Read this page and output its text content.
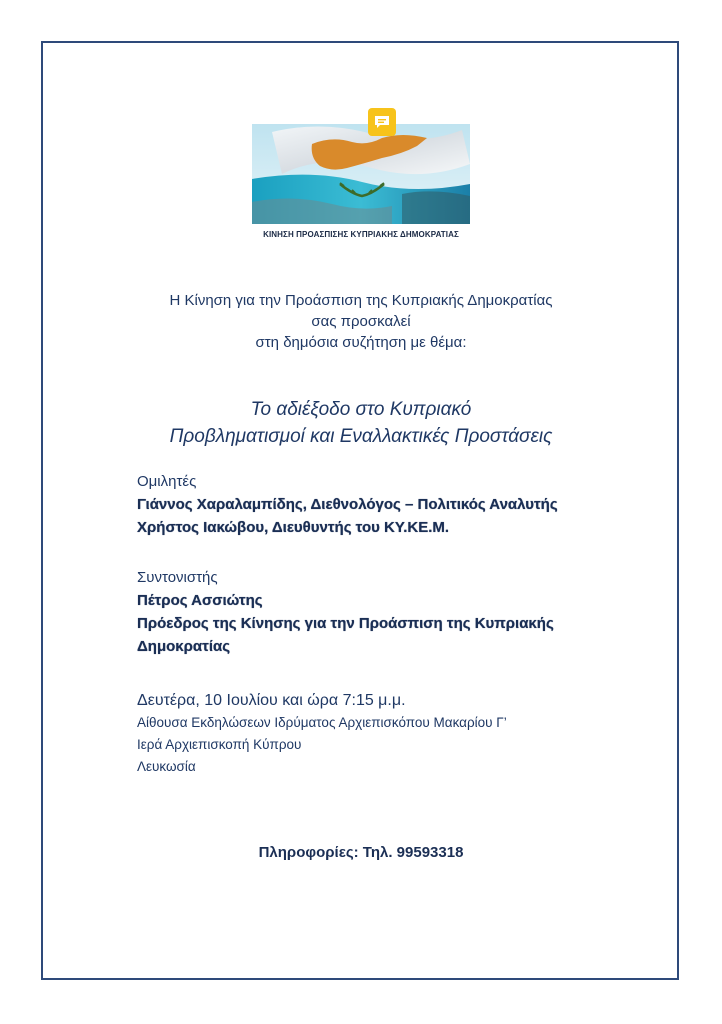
ΚΙΝΗΣΗ ΠΡΟΑΣΠΙΣΗΣ ΚΥΠΡΙΑΚΗΣ ΔΗΜΟΚΡΑΤΙΑΣ
Η Κίνηση για την Προάσπιση της Κυπριακής Δημοκρατίας
σας προσκαλεί
στη δημόσια συζήτηση με θέμα:
Το αδιέξοδο στο Κυπριακό
Προβληματισμοί και Εναλλακτικές Προστάσεις
Ομιλητές
Γιάννος Χαραλαμπίδης, Διεθνολόγος – Πολιτικός Αναλυτής
Χρήστος Ιακώβου, Διευθυντής του ΚΥ.ΚΕ.Μ.
Συντονιστής
Πέτρος Ασσιώτης
Πρόεδρος της Κίνησης για την Προάσπιση της Κυπριακής
Δημοκρατίας
Δευτέρα, 10 Ιουλίου και ώρα 7:15 μ.μ.
Αίθουσα Εκδηλώσεων Ιδρύματος Αρχιεπισκόπου Μακαρίου Γ’
Ιερά Αρχιεπισκοπή Κύπρου
Λευκωσία
Πληροφορίες: Τηλ. 99593318
